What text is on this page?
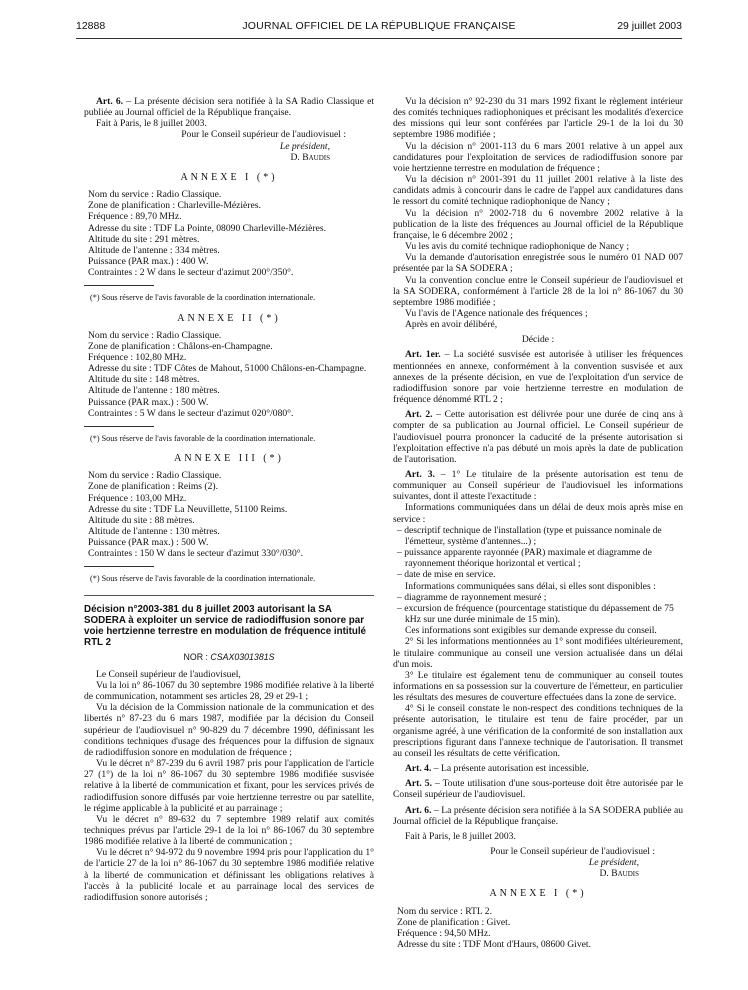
12888	JOURNAL OFFICIEL DE LA RÉPUBLIQUE FRANÇAISE	29 juillet 2003

Art. 6. – La présente décision sera notifiée à la SA Radio Classique et publiée au Journal officiel de la République française.

Fait à Paris, le 8 juillet 2003.

Pour le Conseil supérieur de l'audiovisuel :

Le président,

D. Baudis

ANNEXE I (*)

Nom du service : Radio Classique.

Zone de planification : Charleville-Mézières.

Fréquence : 89,70 MHz.

Adresse du site : TDF La Pointe, 08090 Charleville-Mézières.

Altitude du site : 291 mètres.

Altitude de l'antenne : 334 mètres.

Puissance (PAR max.) : 400 W.

Contraintes : 2 W dans le secteur d'azimut 200°/350°.

(*) Sous réserve de l'avis favorable de la coordination internationale.

ANNEXE II (*)

Nom du service : Radio Classique.

Zone de planification : Châlons-en-Champagne.

Fréquence : 102,80 MHz.

Adresse du site : TDF Côtes de Mahout, 51000 Châlons-en-Champagne.

Altitude du site : 148 mètres.

Altitude de l'antenne : 180 mètres.

Puissance (PAR max.) : 500 W.

Contraintes : 5 W dans le secteur d'azimut 020°/080°.

(*) Sous réserve de l'avis favorable de la coordination internationale.

ANNEXE III (*)

Nom du service : Radio Classique.

Zone de planification : Reims (2).

Fréquence : 103,00 MHz.

Adresse du site : TDF La Neuvillette, 51100 Reims.

Altitude du site : 88 mètres.

Altitude de l'antenne : 130 mètres.

Puissance (PAR max.) : 500 W.

Contraintes : 150 W dans le secteur d'azimut 330°/030°.

(*) Sous réserve de l'avis favorable de la coordination internationale.

Décision n°2003-381 du 8 juillet 2003 autorisant la SA SODERA à exploiter un service de radiodiffusion sonore par voie hertzienne terrestre en modulation de fréquence intitulé RTL 2

NOR : CSAX0301381S

Le Conseil supérieur de l'audiovisuel,

Vu la loi n° 86-1067 du 30 septembre 1986 modifiée relative à la liberté de communication, notamment ses articles 28, 29 et 29-1 ;

Vu la décision de la Commission nationale de la communication et des libertés n° 87-23 du 6 mars 1987, modifiée par la décision du Conseil supérieur de l'audiovisuel n° 90-829 du 7 décembre 1990, définissant les conditions techniques d'usage des fréquences pour la diffusion de signaux de radiodiffusion sonore en modulation de fréquence ;

Vu le décret n° 87-239 du 6 avril 1987 pris pour l'application de l'article 27 (1°) de la loi n° 86-1067 du 30 septembre 1986 modifiée susvisée relative à la liberté de communication et fixant, pour les services privés de radiodiffusion sonore diffusés par voie hertzienne terrestre ou par satellite, le régime applicable à la publicité et au parrainage ;

Vu le décret n° 89-632 du 7 septembre 1989 relatif aux comités techniques prévus par l'article 29-1 de la loi n° 86-1067 du 30 septembre 1986 modifiée relative à la liberté de communication ;

Vu le décret n° 94-972 du 9 novembre 1994 pris pour l'application du 1° de l'article 27 de la loi n° 86-1067 du 30 septembre 1986 modifiée relative à la liberté de communication et définissant les obligations relatives à l'accès à la publicité locale et au parrainage local des services de radiodiffusion sonore autorisés ;

Vu la décision n° 92-230 du 31 mars 1992 fixant le règlement intérieur des comités techniques radiophoniques et précisant les modalités d'exercice des missions qui leur sont conférées par l'article 29-1 de la loi du 30 septembre 1986 modifiée ;

Vu la décision n° 2001-113 du 6 mars 2001 relative à un appel aux candidatures pour l'exploitation de services de radiodiffusion sonore par voie hertzienne terrestre en modulation de fréquence ;

Vu la décision n° 2001-391 du 11 juillet 2001 relative à la liste des candidats admis à concourir dans le cadre de l'appel aux candidatures dans le ressort du comité technique radiophonique de Nancy ;

Vu la décision n° 2002-718 du 6 novembre 2002 relative à la publication de la liste des fréquences au Journal officiel de la République française, le 6 décembre 2002 ;

Vu les avis du comité technique radiophonique de Nancy ;

Vu la demande d'autorisation enregistrée sous le numéro 01 NAD 007 présentée par la SA SODERA ;

Vu la convention conclue entre le Conseil supérieur de l'audiovisuel et la SA SODERA, conformément à l'article 28 de la loi n° 86-1067 du 30 septembre 1986 modifiée ;

Vu l'avis de l'Agence nationale des fréquences ;

Après en avoir délibéré,

Décide :

Art. 1er. – La société susvisée est autorisée à utiliser les fréquences mentionnées en annexe, conformément à la convention susvisée et aux annexes de la présente décision, en vue de l'exploitation d'un service de radiodiffusion sonore par voie hertzienne terrestre en modulation de fréquence dénommé RTL 2 ;

Art. 2. – Cette autorisation est délivrée pour une durée de cinq ans à compter de sa publication au Journal officiel. Le Conseil supérieur de l'audiovisuel pourra prononcer la caducité de la présente autorisation si l'exploitation effective n'a pas débuté un mois après la date de publication de l'autorisation.

Art. 3. – 1° Le titulaire de la présente autorisation est tenu de communiquer au Conseil supérieur de l'audiovisuel les informations suivantes, dont il atteste l'exactitude :

Informations communiquées dans un délai de deux mois après mise en service :

– descriptif technique de l'installation (type et puissance nominale de l'émetteur, système d'antennes...) ;

– puissance apparente rayonnée (PAR) maximale et diagramme de rayonnement théorique horizontal et vertical ;

– date de mise en service.

Informations communiquées sans délai, si elles sont disponibles :

– diagramme de rayonnement mesuré ;

– excursion de fréquence (pourcentage statistique du dépassement de 75 kHz sur une durée minimale de 15 min).

Ces informations sont exigibles sur demande expresse du conseil.

2° Si les informations mentionnées au 1° sont modifiées ultérieurement, le titulaire communique au conseil une version actualisée dans un délai d'un mois.

3° Le titulaire est également tenu de communiquer au conseil toutes informations en sa possession sur la couverture de l'émetteur, en particulier les résultats des mesures de couverture effectuées dans la zone de service.

4° Si le conseil constate le non-respect des conditions techniques de la présente autorisation, le titulaire est tenu de faire procéder, par un organisme agréé, à une vérification de la conformité de son installation aux prescriptions figurant dans l'annexe technique de l'autorisation. Il transmet au conseil les résultats de cette vérification.

Art. 4. – La présente autorisation est incessible.

Art. 5. – Toute utilisation d'une sous-porteuse doit être autorisée par le Conseil supérieur de l'audiovisuel.

Art. 6. – La présente décision sera notifiée à la SA SODERA publiée au Journal officiel de la République française.

Fait à Paris, le 8 juillet 2003.

Pour le Conseil supérieur de l'audiovisuel :

Le président,

D. Baudis

ANNEXE I (*)

Nom du service : RTL 2.

Zone de planification : Givet.

Fréquence : 94,50 MHz.

Adresse du site : TDF Mont d'Haurs, 08600 Givet.
